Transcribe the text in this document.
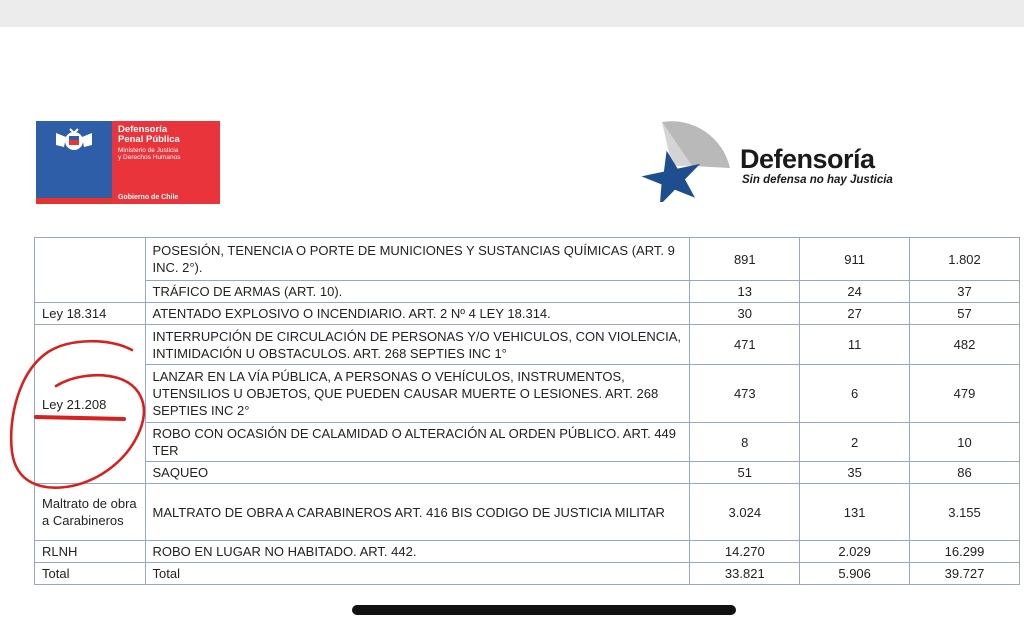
Defensoría
Penal Pública
Ministerio de Justicia
y Derechos Humanos
Gobierno de Chile
Defensoría
Sin defensa no hay Justicia
	POSESIÓN, TENENCIA O PORTE DE MUNICIONES Y SUSTANCIAS QUÍMICAS (ART. 9 INC. 2°).	891	911	1.802
	TRÁFICO DE ARMAS (ART. 10).	13	24	37
Ley 18.314	ATENTADO EXPLOSIVO O INCENDIARIO. ART. 2 Nº 4 LEY 18.314.	30	27	57
Ley 21.208	INTERRUPCIÓN DE CIRCULACIÓN DE PERSONAS Y/O VEHICULOS, CON VIOLENCIA, INTIMIDACIÓN U OBSTACULOS. ART. 268 SEPTIES INC 1°	471	11	482
	LANZAR EN LA VÍA PÚBLICA, A PERSONAS O VEHÍCULOS, INSTRUMENTOS, UTENSILIOS U OBJETOS, QUE PUEDEN CAUSAR MUERTE O LESIONES. ART. 268 SEPTIES INC 2°	473	6	479
	ROBO CON OCASIÓN DE CALAMIDAD O ALTERACIÓN AL ORDEN PÚBLICO. ART. 449 TER	8	2	10
	SAQUEO	51	35	86
Maltrato de obra a Carabineros	MALTRATO DE OBRA A CARABINEROS ART. 416 BIS CODIGO DE JUSTICIA MILITAR	3.024	131	3.155
RLNH	ROBO EN LUGAR NO HABITADO. ART. 442.	14.270	2.029	16.299
Total	Total	33.821	5.906	39.727
